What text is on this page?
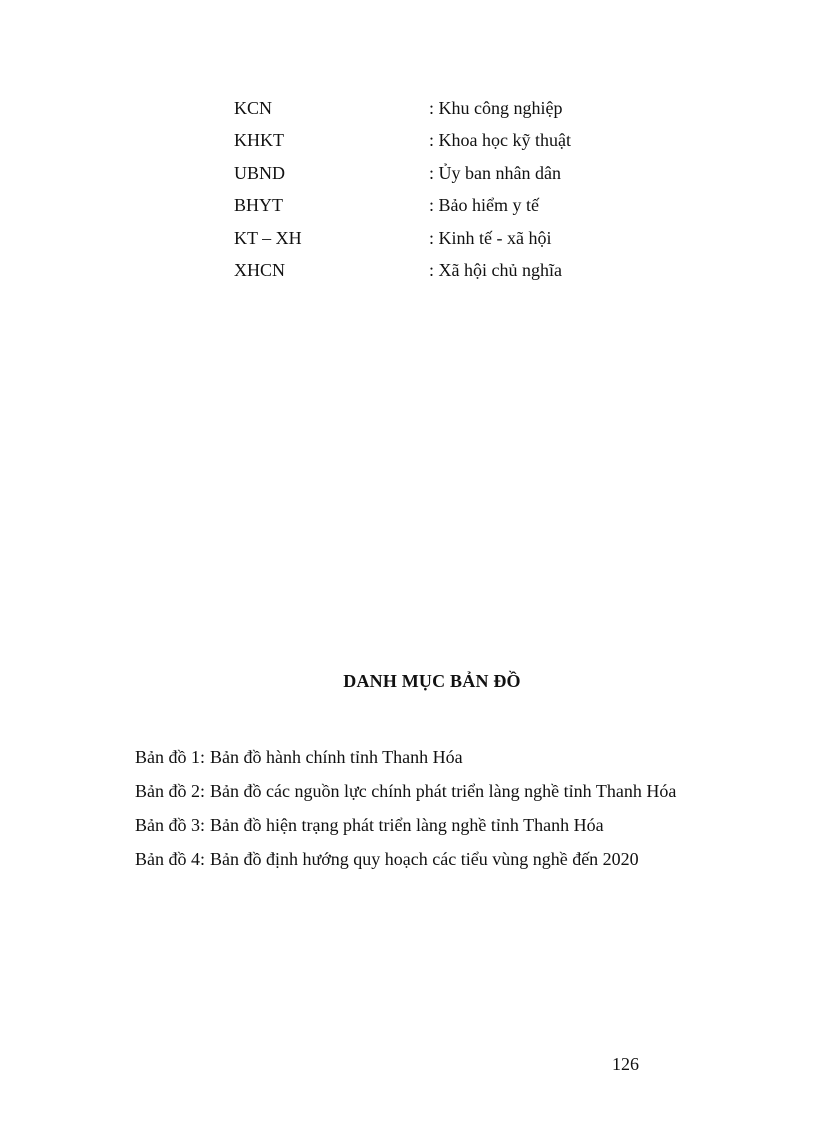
KCN	: Khu công nghiệp
KHKT	: Khoa học kỹ thuật
UBND	: Ủy ban nhân dân
BHYT	: Bảo hiểm y tế
KT – XH	: Kinh tế - xã hội
XHCN	: Xã hội chủ nghĩa
DANH MỤC BẢN ĐỒ
Bản đồ 1: Bản đồ hành chính tỉnh Thanh Hóa
Bản đồ 2: Bản đồ các nguồn lực chính phát triển làng nghề tỉnh Thanh Hóa
Bản đồ 3: Bản đồ hiện trạng phát triển làng nghề tỉnh Thanh Hóa
Bản đồ 4: Bản đồ định hướng quy hoạch các tiểu vùng nghề đến 2020
126
